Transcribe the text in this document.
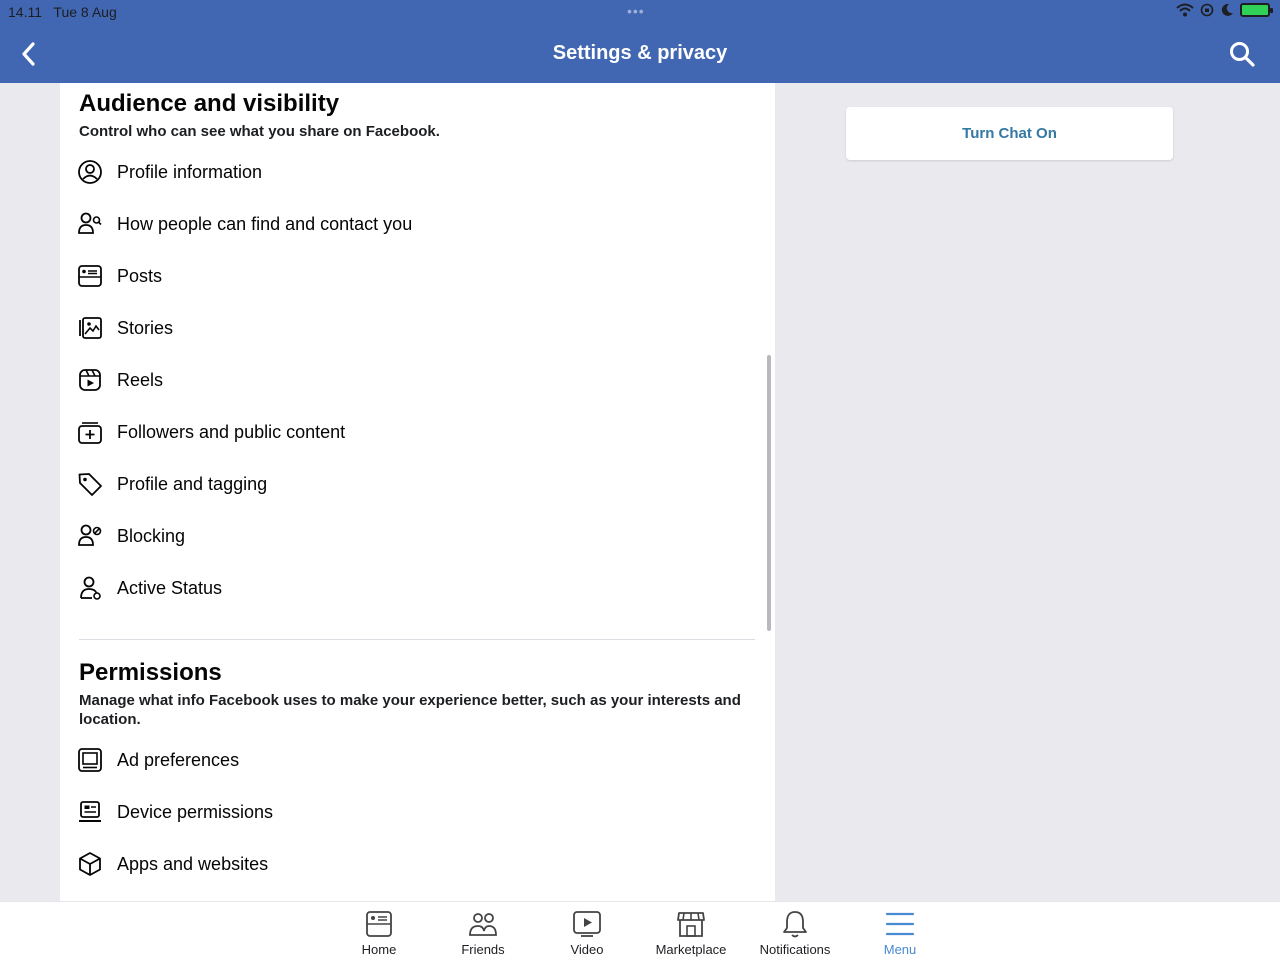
14.11 Tue 8 Aug	•••
Settings & privacy
Audience and visibility
Control who can see what you share on Facebook.
Profile information
How people can find and contact you
Posts
Stories
Reels
Followers and public content
Profile and tagging
Blocking
Active Status
Permissions
Manage what info Facebook uses to make your experience better, such as your interests and location.
Ad preferences
Device permissions
Apps and websites
Turn Chat On
Home	Friends	Video	Marketplace	Notifications	Menu
